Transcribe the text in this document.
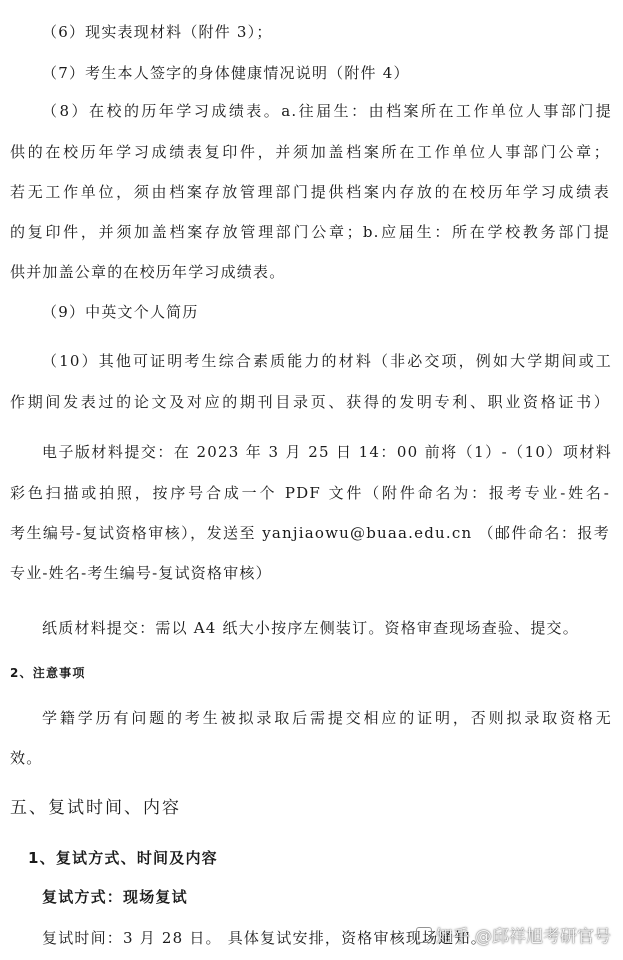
（6）现实表现材料（附件 3）；
（7）考生本人签字的身体健康情况说明（附件 4）
（8）在校的历年学习成绩表。a.往届生：由档案所在工作单位人事部门提
供的在校历年学习成绩表复印件，并须加盖档案所在工作单位人事部门公章；
若无工作单位，须由档案存放管理部门提供档案内存放的在校历年学习成绩表
的复印件，并须加盖档案存放管理部门公章；b.应届生：所在学校教务部门提
供并加盖公章的在校历年学习成绩表。
（9）中英文个人简历
（10）其他可证明考生综合素质能力的材料（非必交项，例如大学期间或工
作期间发表过的论文及对应的期刊目录页、获得的发明专利、职业资格证书）
电子版材料提交：在 2023 年 3 月 25 日 14：00 前将（1）-（10）项材料
彩色扫描或拍照，按序号合成一个 PDF 文件（附件命名为：报考专业-姓名-
考生编号-复试资格审核），发送至 yanjiaowu@buaa.edu.cn （邮件命名：报考
专业-姓名-考生编号-复试资格审核）
纸质材料提交：需以 A4 纸大小按序左侧装订。资格审查现场查验、提交。
2、注意事项
学籍学历有问题的考生被拟录取后需提交相应的证明，否则拟录取资格无
效。
五、复试时间、内容
1、复试方式、时间及内容
复试方式：现场复试
复试时间：3 月 28 日。 具体复试安排，资格审核现场通知。
知乎 @邱祥旭考研官号
